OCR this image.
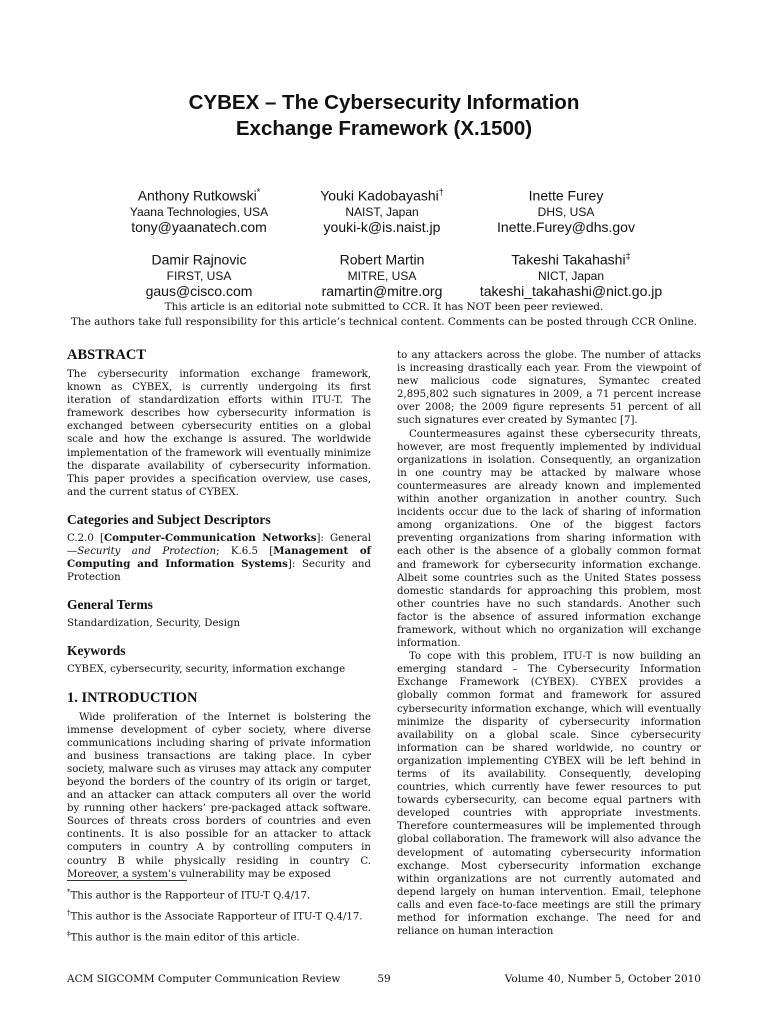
CYBEX – The Cybersecurity Information
Exchange Framework (X.1500)
Anthony Rutkowski*
Yaana Technologies, USA
tony@yaanatech.com
Youki Kadobayashi†
NAIST, Japan
youki-k@is.naist.jp
Inette Furey
DHS, USA
Inette.Furey@dhs.gov
Damir Rajnovic
FIRST, USA
gaus@cisco.com
Robert Martin
MITRE, USA
ramartin@mitre.org
Takeshi Takahashi‡
NICT, Japan
takeshi_takahashi@nict.go.jp
This article is an editorial note submitted to CCR. It has NOT been peer reviewed.
The authors take full responsibility for this article’s technical content. Comments can be posted through CCR Online.
ABSTRACT

The cybersecurity information exchange framework, known as CYBEX, is currently undergoing its first iteration of standardization efforts within ITU-T. The framework describes how cybersecurity information is exchanged between cybersecurity entities on a global scale and how the exchange is assured. The worldwide implementation of the framework will eventually minimize the disparate availability of cybersecurity information. This paper provides a specification overview, use cases, and the current status of CYBEX.

Categories and Subject Descriptors

C.2.0 [Computer-Communication Networks]: General—Security and Protection; K.6.5 [Management of Computing and Information Systems]: Security and Protection

General Terms

Standardization, Security, Design

Keywords

CYBEX, cybersecurity, security, information exchange

1. INTRODUCTION

Wide proliferation of the Internet is bolstering the immense development of cyber society, where diverse communications including sharing of private information and business transactions are taking place. In cyber society, malware such as viruses may attack any computer beyond the borders of the country of its origin or target, and an attacker can attack computers all over the world by running other hackers’ pre-packaged attack software. Sources of threats cross borders of countries and even continents. It is also possible for an attacker to attack computers in country A by controlling computers in country B while physically residing in country C. Moreover, a system’s vulnerability may be exposed

*This author is the Rapporteur of ITU-T Q.4/17.
†This author is the Associate Rapporteur of ITU-T Q.4/17.
‡This author is the main editor of this article.

to any attackers across the globe. The number of attacks is increasing drastically each year. From the viewpoint of new malicious code signatures, Symantec created 2,895,802 such signatures in 2009, a 71 percent increase over 2008; the 2009 figure represents 51 percent of all such signatures ever created by Symantec [7].

Countermeasures against these cybersecurity threats, however, are most frequently implemented by individual organizations in isolation. Consequently, an organization in one country may be attacked by malware whose countermeasures are already known and implemented within another organization in another country. Such incidents occur due to the lack of sharing of information among organizations. One of the biggest factors preventing organizations from sharing information with each other is the absence of a globally common format and framework for cybersecurity information exchange. Albeit some countries such as the United States possess domestic standards for approaching this problem, most other countries have no such standards. Another such factor is the absence of assured information exchange framework, without which no organization will exchange information.

To cope with this problem, ITU-T is now building an emerging standard – The Cybersecurity Information Exchange Framework (CYBEX). CYBEX provides a globally common format and framework for assured cybersecurity information exchange, which will eventually minimize the disparity of cybersecurity information availability on a global scale. Since cybersecurity information can be shared worldwide, no country or organization implementing CYBEX will be left behind in terms of its availability. Consequently, developing countries, which currently have fewer resources to put towards cybersecurity, can become equal partners with developed countries with appropriate investments. Therefore countermeasures will be implemented through global collaboration. The framework will also advance the development of automating cybersecurity information exchange. Most cybersecurity information exchange within organizations are not currently automated and depend largely on human intervention. Email, telephone calls and even face-to-face meetings are still the primary method for information exchange. The need for and reliance on human interaction

ACM SIGCOMM Computer Communication Review	59	Volume 40, Number 5, October 2010
